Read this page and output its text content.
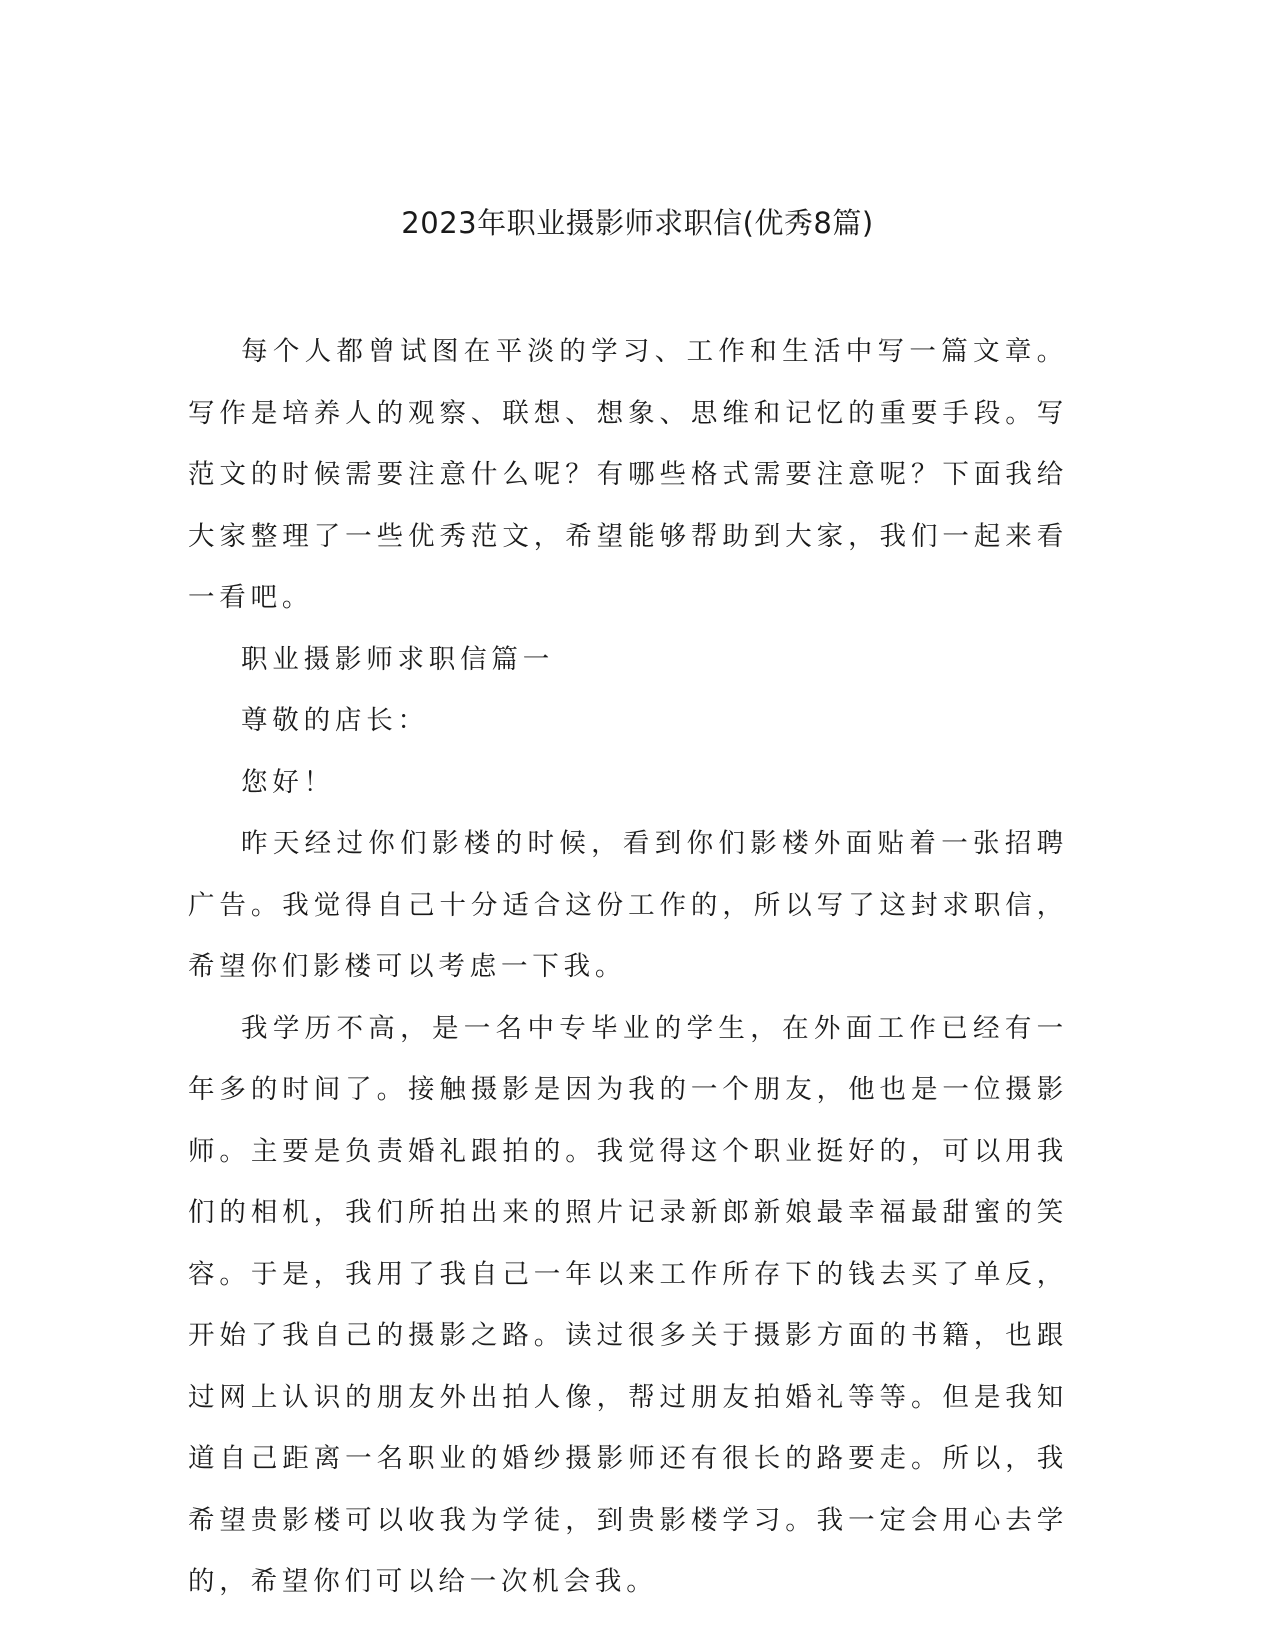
2023年职业摄影师求职信(优秀8篇)

每个人都曾试图在平淡的学习、工作和生活中写一篇文章。写作是培养人的观察、联想、想象、思维和记忆的重要手段。写范文的时候需要注意什么呢？有哪些格式需要注意呢？下面我给大家整理了一些优秀范文，希望能够帮助到大家，我们一起来看一看吧。

职业摄影师求职信篇一

尊敬的店长：

您好！

昨天经过你们影楼的时候，看到你们影楼外面贴着一张招聘广告。我觉得自己十分适合这份工作的，所以写了这封求职信，希望你们影楼可以考虑一下我。

我学历不高，是一名中专毕业的学生，在外面工作已经有一年多的时间了。接触摄影是因为我的一个朋友，他也是一位摄影师。主要是负责婚礼跟拍的。我觉得这个职业挺好的，可以用我们的相机，我们所拍出来的照片记录新郎新娘最幸福最甜蜜的笑容。于是，我用了我自己一年以来工作所存下的钱去买了单反，开始了我自己的摄影之路。读过很多关于摄影方面的书籍，也跟过网上认识的朋友外出拍人像，帮过朋友拍婚礼等等。但是我知道自己距离一名职业的婚纱摄影师还有很长的路要走。所以，我希望贵影楼可以收我为学徒，到贵影楼学习。我一定会用心去学的，希望你们可以给一次机会我。
